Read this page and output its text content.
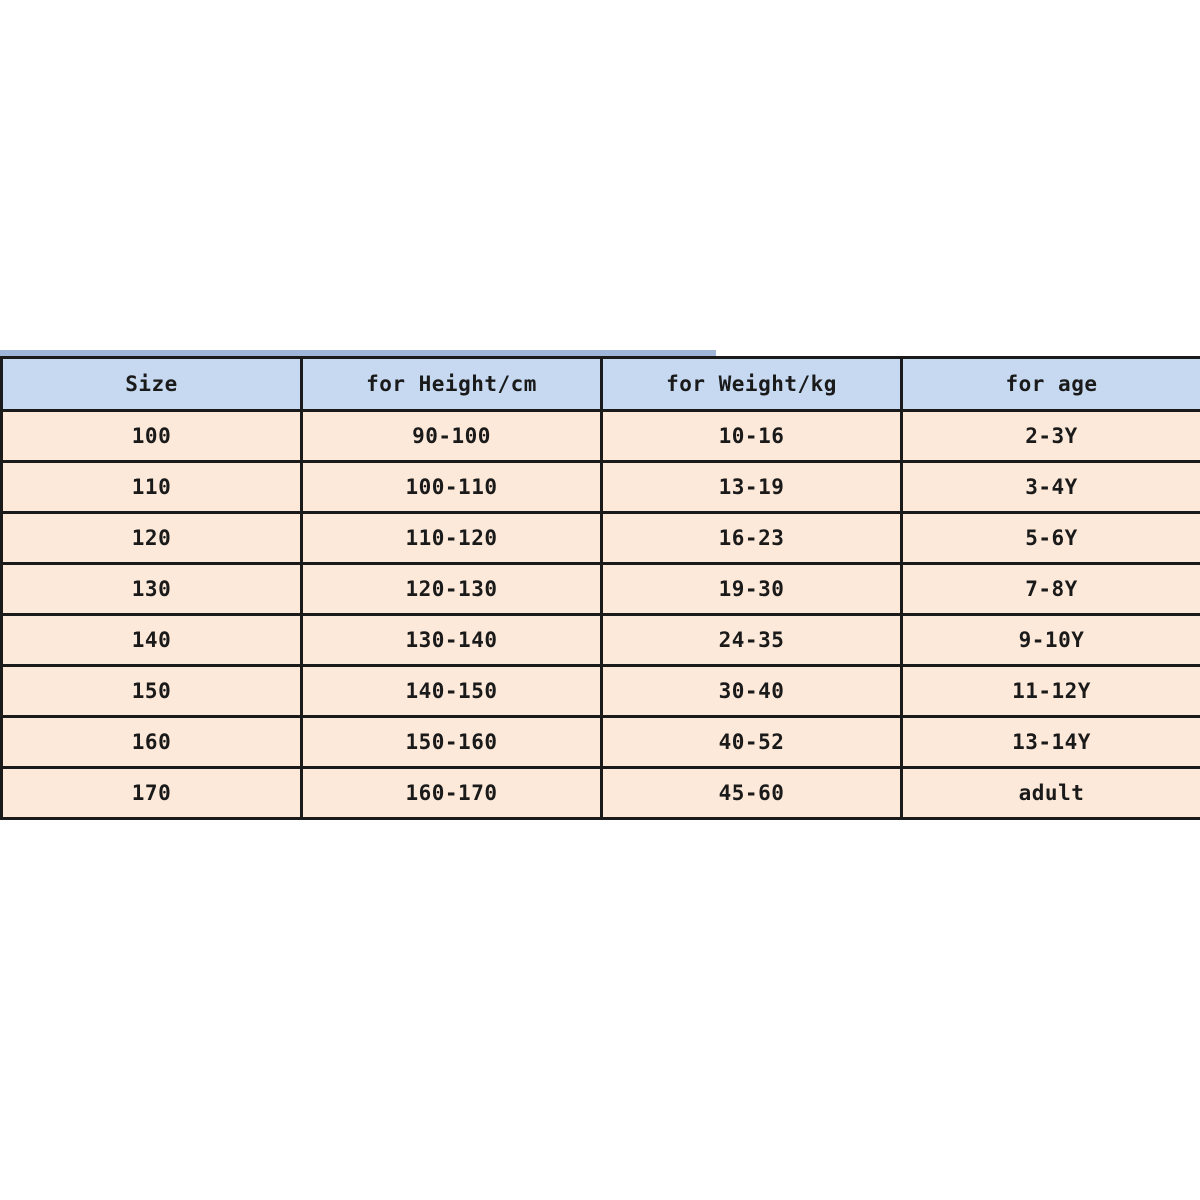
Size	for Height/cm	for Weight/kg	for age
100	90-100	10-16	2-3Y
110	100-110	13-19	3-4Y
120	110-120	16-23	5-6Y
130	120-130	19-30	7-8Y
140	130-140	24-35	9-10Y
150	140-150	30-40	11-12Y
160	150-160	40-52	13-14Y
170	160-170	45-60	adult
